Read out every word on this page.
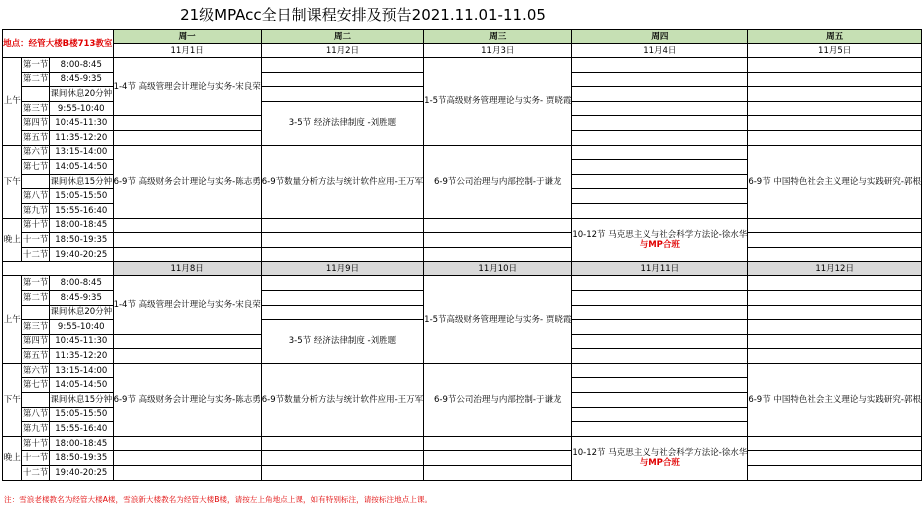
21级MPAcc全日制课程安排及预告2021.11.01-11.05
地点：经管大楼B楼713教室			周一	周二	周三	周四	周五
			11月1日	11月2日	11月3日	11月4日	11月5日
上午	第一节	8:00-8:45	1-4节 高级管理会计理论与实务-宋良荣		1-5节高级财务管理理论与实务- 贾晓霞		
	第二节	8:45-9:35					
		课间休息20分钟					
	第三节	9:55-10:40		3-5节 经济法律制度 -刘胜题			
	第四节	10:45-11:30					
	第五节	11:35-12:20					
下午	第六节	13:15-14:00	6-9节 高级财务会计理论与实务-陈志勇	6-9节数量分析方法与统计软件应用-王万军	6-9节公司治理与内部控制-于谦龙		6-9节 中国特色社会主义理论与实践研究-郭根
	第七节	14:05-14:50					
		课间休息15分钟					
	第八节	15:05-15:50					
	第九节	15:55-16:40					
晚上	第十节	18:00-18:45				10-12节 马克思主义与社会科学方法论-徐水华
与MP合班	
	十一节	18:50-19:35					
	十二节	19:40-20:25					
			11月8日	11月9日	11月10日	11月11日	11月12日
上午	第一节	8:00-8:45	1-4节 高级管理会计理论与实务-宋良荣		1-5节高级财务管理理论与实务- 贾晓霞		
	第二节	8:45-9:35					
		课间休息20分钟					
	第三节	9:55-10:40		3-5节 经济法律制度 -刘胜题			
	第四节	10:45-11:30					
	第五节	11:35-12:20					
下午	第六节	13:15-14:00	6-9节 高级财务会计理论与实务-陈志勇	6-9节数量分析方法与统计软件应用-王万军	6-9节公司治理与内部控制-于谦龙		6-9节 中国特色社会主义理论与实践研究-郭根
	第七节	14:05-14:50					
		课间休息15分钟					
	第八节	15:05-15:50					
	第九节	15:55-16:40					
晚上	第十节	18:00-18:45				10-12节 马克思主义与社会科学方法论-徐水华
与MP合班	
	十一节	18:50-19:35					
	十二节	19:40-20:25					
注：雪浪老楼教名为经管大楼A楼，雪浪新大楼教名为经管大楼B楼，请按左上角地点上课，如有特别标注，请按标注地点上课。
